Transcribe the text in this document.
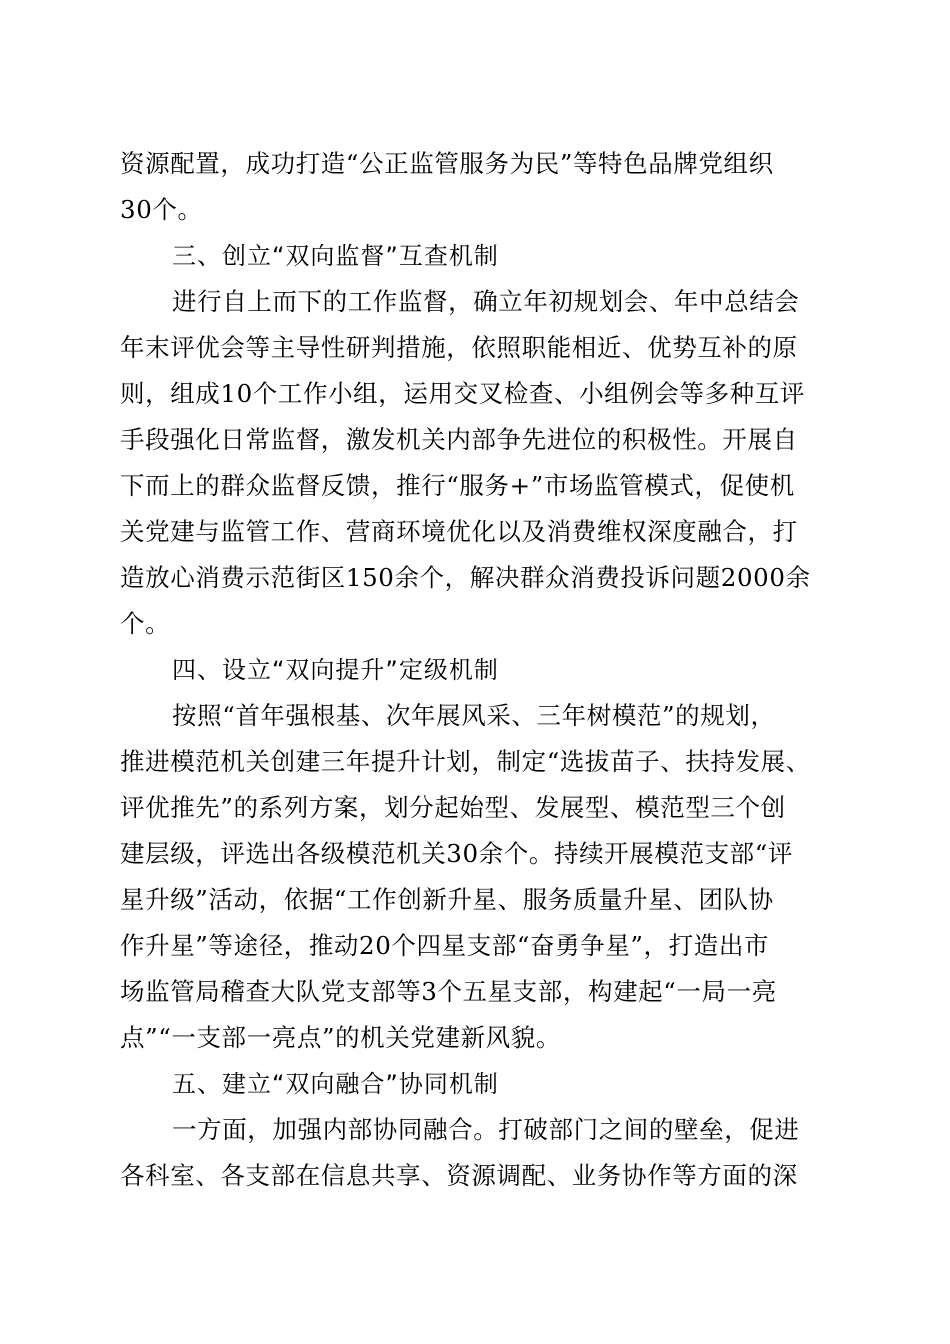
资源配置，成功打造“公正监管服务为民”等特色品牌党组织
30个。
三、创立“双向监督”互查机制
进行自上而下的工作监督，确立年初规划会、年中总结会
年末评优会等主导性研判措施，依照职能相近、优势互补的原
则，组成10个工作小组，运用交叉检查、小组例会等多种互评
手段强化日常监督，激发机关内部争先进位的积极性。开展自
下而上的群众监督反馈，推行“服务+”市场监管模式，促使机
关党建与监管工作、营商环境优化以及消费维权深度融合，打
造放心消费示范街区150余个，解决群众消费投诉问题2000余
个。
四、设立“双向提升”定级机制
按照“首年强根基、次年展风采、三年树模范”的规划，
推进模范机关创建三年提升计划，制定“选拔苗子、扶持发展、
评优推先”的系列方案，划分起始型、发展型、模范型三个创
建层级，评选出各级模范机关30余个。持续开展模范支部“评
星升级”活动，依据“工作创新升星、服务质量升星、团队协
作升星”等途径，推动20个四星支部“奋勇争星”，打造出市
场监管局稽查大队党支部等3个五星支部，构建起“一局一亮
点”“一支部一亮点”的机关党建新风貌。
五、建立“双向融合”协同机制
一方面，加强内部协同融合。打破部门之间的壁垒，促进
各科室、各支部在信息共享、资源调配、业务协作等方面的深
